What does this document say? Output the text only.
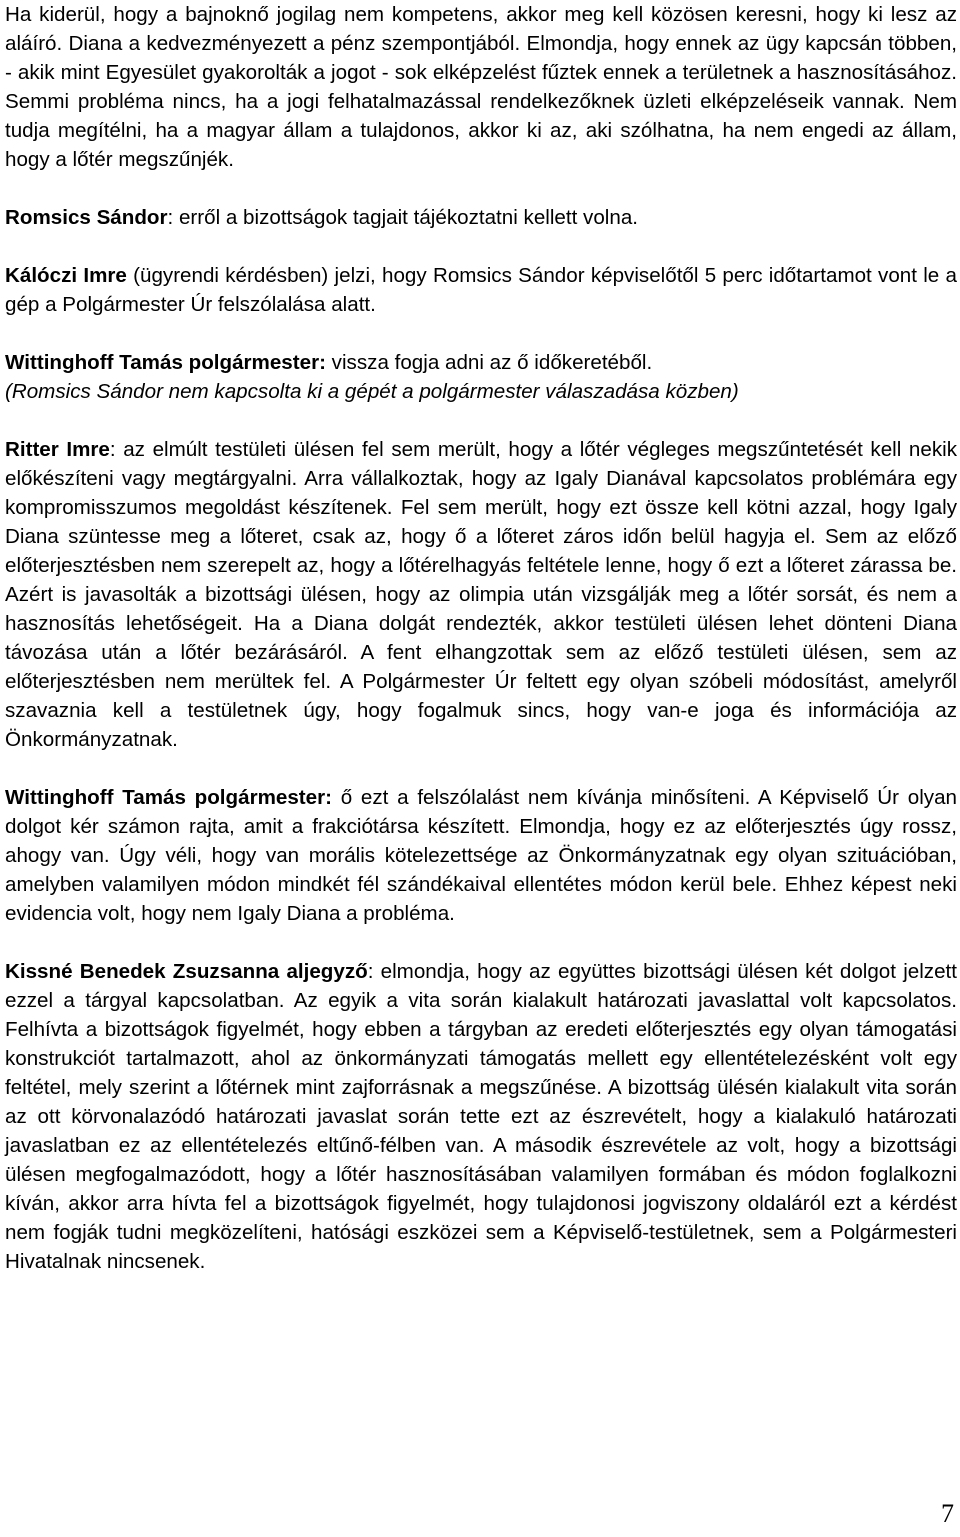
Ha kiderül, hogy a bajnoknő jogilag nem kompetens, akkor meg kell közösen keresni, hogy ki lesz az aláíró. Diana a kedvezményezett a pénz szempontjából. Elmondja, hogy ennek az ügy kapcsán többen, - akik mint Egyesület gyakorolták a jogot - sok elképzelést fűztek ennek a területnek a hasznosításához. Semmi probléma nincs, ha a jogi felhatalmazással rendelkezőknek üzleti elképzeléseik vannak. Nem tudja megítélni, ha a magyar állam a tulajdonos, akkor ki az, aki szólhatna, ha nem engedi az állam, hogy a lőtér megszűnjék.

Romsics Sándor: erről a bizottságok tagjait tájékoztatni kellett volna.

Kálóczi Imre (ügyrendi kérdésben) jelzi, hogy Romsics Sándor képviselőtől 5 perc időtartamot vont le a gép a Polgármester Úr felszólalása alatt.

Wittinghoff Tamás polgármester: vissza fogja adni az ő időkeretéből.

(Romsics Sándor nem kapcsolta ki a gépét a polgármester válaszadása közben)

Ritter Imre: az elmúlt testületi ülésen fel sem merült, hogy a lőtér végleges megszűntetését kell nekik előkészíteni vagy megtárgyalni. Arra vállalkoztak, hogy az Igaly Dianával kapcsolatos problémára egy kompromisszumos megoldást készítenek. Fel sem merült, hogy ezt össze kell kötni azzal, hogy Igaly Diana szüntesse meg a lőteret, csak az, hogy ő a lőteret záros időn belül hagyja el. Sem az előző előterjesztésben nem szerepelt az, hogy a lőtérelhagyás feltétele lenne, hogy ő ezt a lőteret zárassa be. Azért is javasolták a bizottsági ülésen, hogy az olimpia után vizsgálják meg a lőtér sorsát, és nem a hasznosítás lehetőségeit. Ha a Diana dolgát rendezték, akkor testületi ülésen lehet dönteni Diana távozása után a lőtér bezárásáról. A fent elhangzottak sem az előző testületi ülésen, sem az előterjesztésben nem merültek fel. A Polgármester Úr feltett egy olyan szóbeli módosítást, amelyről szavaznia kell a testületnek úgy, hogy fogalmuk sincs, hogy van-e joga és információja az Önkormányzatnak.

Wittinghoff Tamás polgármester: ő ezt a felszólalást nem kívánja minősíteni. A Képviselő Úr olyan dolgot kér számon rajta, amit a frakciótársa készített. Elmondja, hogy ez az előterjesztés úgy rossz, ahogy van. Úgy véli, hogy van morális kötelezettsége az Önkormányzatnak egy olyan szituációban, amelyben valamilyen módon mindkét fél szándékaival ellentétes módon kerül bele. Ehhez képest neki evidencia volt, hogy nem Igaly Diana a probléma.

Kissné Benedek Zsuzsanna aljegyző: elmondja, hogy az együttes bizottsági ülésen két dolgot jelzett ezzel a tárgyal kapcsolatban. Az egyik a vita során kialakult határozati javaslattal volt kapcsolatos. Felhívta a bizottságok figyelmét, hogy ebben a tárgyban az eredeti előterjesztés egy olyan támogatási konstrukciót tartalmazott, ahol az önkormányzati támogatás mellett egy ellentételezésként volt egy feltétel, mely szerint a lőtérnek mint zajforrásnak a megszűnése. A bizottság ülésén kialakult vita során az ott körvonalazódó határozati javaslat során tette ezt az észrevételt, hogy a kialakuló határozati javaslatban ez az ellentételezés eltűnő-félben van. A második észrevétele az volt, hogy a bizottsági ülésen megfogalmazódott, hogy a lőtér hasznosításában valamilyen formában és módon foglalkozni kíván, akkor arra hívta fel a bizottságok figyelmét, hogy tulajdonosi jogviszony oldaláról ezt a kérdést nem fogják tudni megközelíteni, hatósági eszközei sem a Képviselő-testületnek, sem a Polgármesteri Hivatalnak nincsenek.

7
